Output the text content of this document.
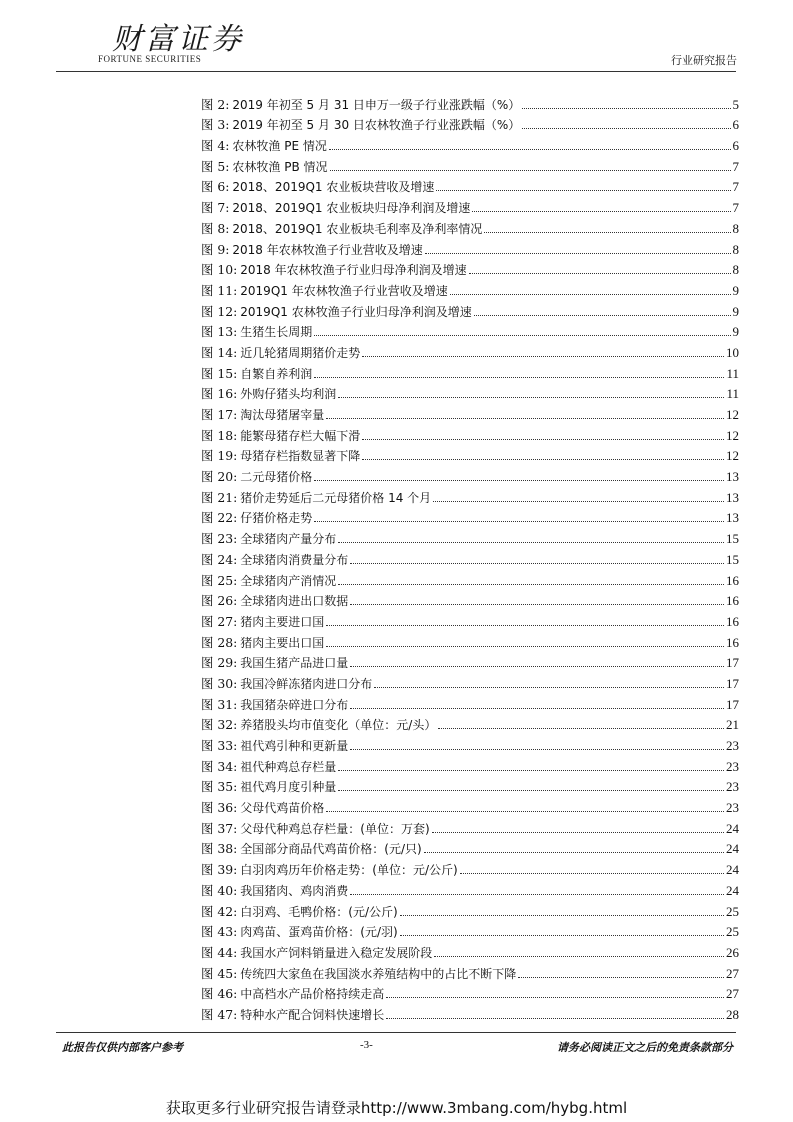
财富证券
FORTUNE SECURITIES	行业研究报告
图 2: 2019 年初至 5 月 31 日申万一级子行业涨跌幅（%）	5
图 3: 2019 年初至 5 月 30 日农林牧渔子行业涨跌幅（%）	6
图 4: 农林牧渔 PE 情况	6
图 5: 农林牧渔 PB 情况	7
图 6: 2018、2019Q1 农业板块营收及增速	7
图 7: 2018、2019Q1 农业板块归母净利润及增速	7
图 8: 2018、2019Q1 农业板块毛利率及净利率情况	8
图 9: 2018 年农林牧渔子行业营收及增速	8
图 10: 2018 年农林牧渔子行业归母净利润及增速	8
图 11: 2019Q1 年农林牧渔子行业营收及增速	9
图 12: 2019Q1 农林牧渔子行业归母净利润及增速	9
图 13: 生猪生长周期	9
图 14: 近几轮猪周期猪价走势	10
图 15: 自繁自养利润	11
图 16: 外购仔猪头均利润	11
图 17: 淘汰母猪屠宰量	12
图 18: 能繁母猪存栏大幅下滑	12
图 19: 母猪存栏指数显著下降	12
图 20: 二元母猪价格	13
图 21: 猪价走势延后二元母猪价格 14 个月	13
图 22: 仔猪价格走势	13
图 23: 全球猪肉产量分布	15
图 24: 全球猪肉消费量分布	15
图 25: 全球猪肉产消情况	16
图 26: 全球猪肉进出口数据	16
图 27: 猪肉主要进口国	16
图 28: 猪肉主要出口国	16
图 29: 我国生猪产品进口量	17
图 30: 我国冷鲜冻猪肉进口分布	17
图 31: 我国猪杂碎进口分布	17
图 32: 养猪股头均市值变化（单位：元/头）	21
图 33: 祖代鸡引种和更新量	23
图 34: 祖代种鸡总存栏量	23
图 35: 祖代鸡月度引种量	23
图 36: 父母代鸡苗价格	23
图 37: 父母代种鸡总存栏量：(单位：万套)	24
图 38: 全国部分商品代鸡苗价格：(元/只)	24
图 39: 白羽肉鸡历年价格走势：(单位：元/公斤)	24
图 40: 我国猪肉、鸡肉消费	24
图 42: 白羽鸡、毛鸭价格：(元/公斤)	25
图 43: 肉鸡苗、蛋鸡苗价格：(元/羽)	25
图 44: 我国水产饲料销量进入稳定发展阶段	26
图 45: 传统四大家鱼在我国淡水养殖结构中的占比不断下降	27
图 46: 中高档水产品价格持续走高	27
图 47: 特种水产配合饲料快速增长	28
此报告仅供内部客户参考	-3-	请务必阅读正文之后的免责条款部分
获取更多行业研究报告请登录http://www.3mbang.com/hybg.html
